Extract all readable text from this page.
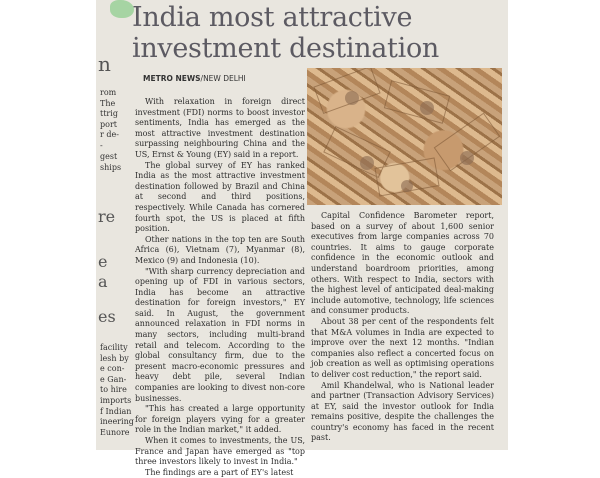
n
rom
The
ttrig
port
r de-
-
gest
ships
re
e
a
es
facility
lesh by
e con-
e Gan-
to hire
imports
f Indian
ineering
Eunore
India most attractive
investment destination
METRO NEWS/NEW DELHI

With relaxation in foreign direct investment (FDI) norms to boost investor sentiments, India has emerged as the most attractive investment destination surpassing neighbouring China and the US, Ernst & Young (EY) said in a report.

The global survey of EY has ranked India as the most attractive investment destination followed by Brazil and China at second and third positions, respectively. While Canada has cornered fourth spot, the US is placed at fifth position.

Other nations in the top ten are South Africa (6), Vietnam (7), Myanmar (8), Mexico (9) and Indonesia (10).

"With sharp currency depreciation and opening up of FDI in various sectors, India has become an attractive destination for foreign investors," EY said. In August, the government announced relaxation in FDI norms in many sectors, including multi-brand retail and telecom. According to the global consultancy firm, due to the present macro-economic pressures and heavy debt pile, several Indian companies are looking to divest non-core businesses.

"This has created a large opportunity for foreign players vying for a greater role in the Indian market," it added.

When it comes to investments, the US, France and Japan have emerged as "top three investors likely to invest in India."

The findings are a part of EY's latest

Capital Confidence Barometer report, based on a survey of about 1,600 senior executives from large companies across 70 countries. It aims to gauge corporate confidence in the economic outlook and understand boardroom priorities, among others. With respect to India, sectors with the highest level of anticipated deal-making include automotive, technology, life sciences and consumer products.

About 38 per cent of the respondents felt that M&A volumes in India are expected to improve over the next 12 months. "Indian companies also reflect a concerted focus on job creation as well as optimising operations to deliver cost reduction," the report said.

Amil Khandelwal, who is National leader and partner (Transaction Advisory Services) at EY, said the investor outlook for India remains positive, despite the challenges the country's economy has faced in the recent past.
